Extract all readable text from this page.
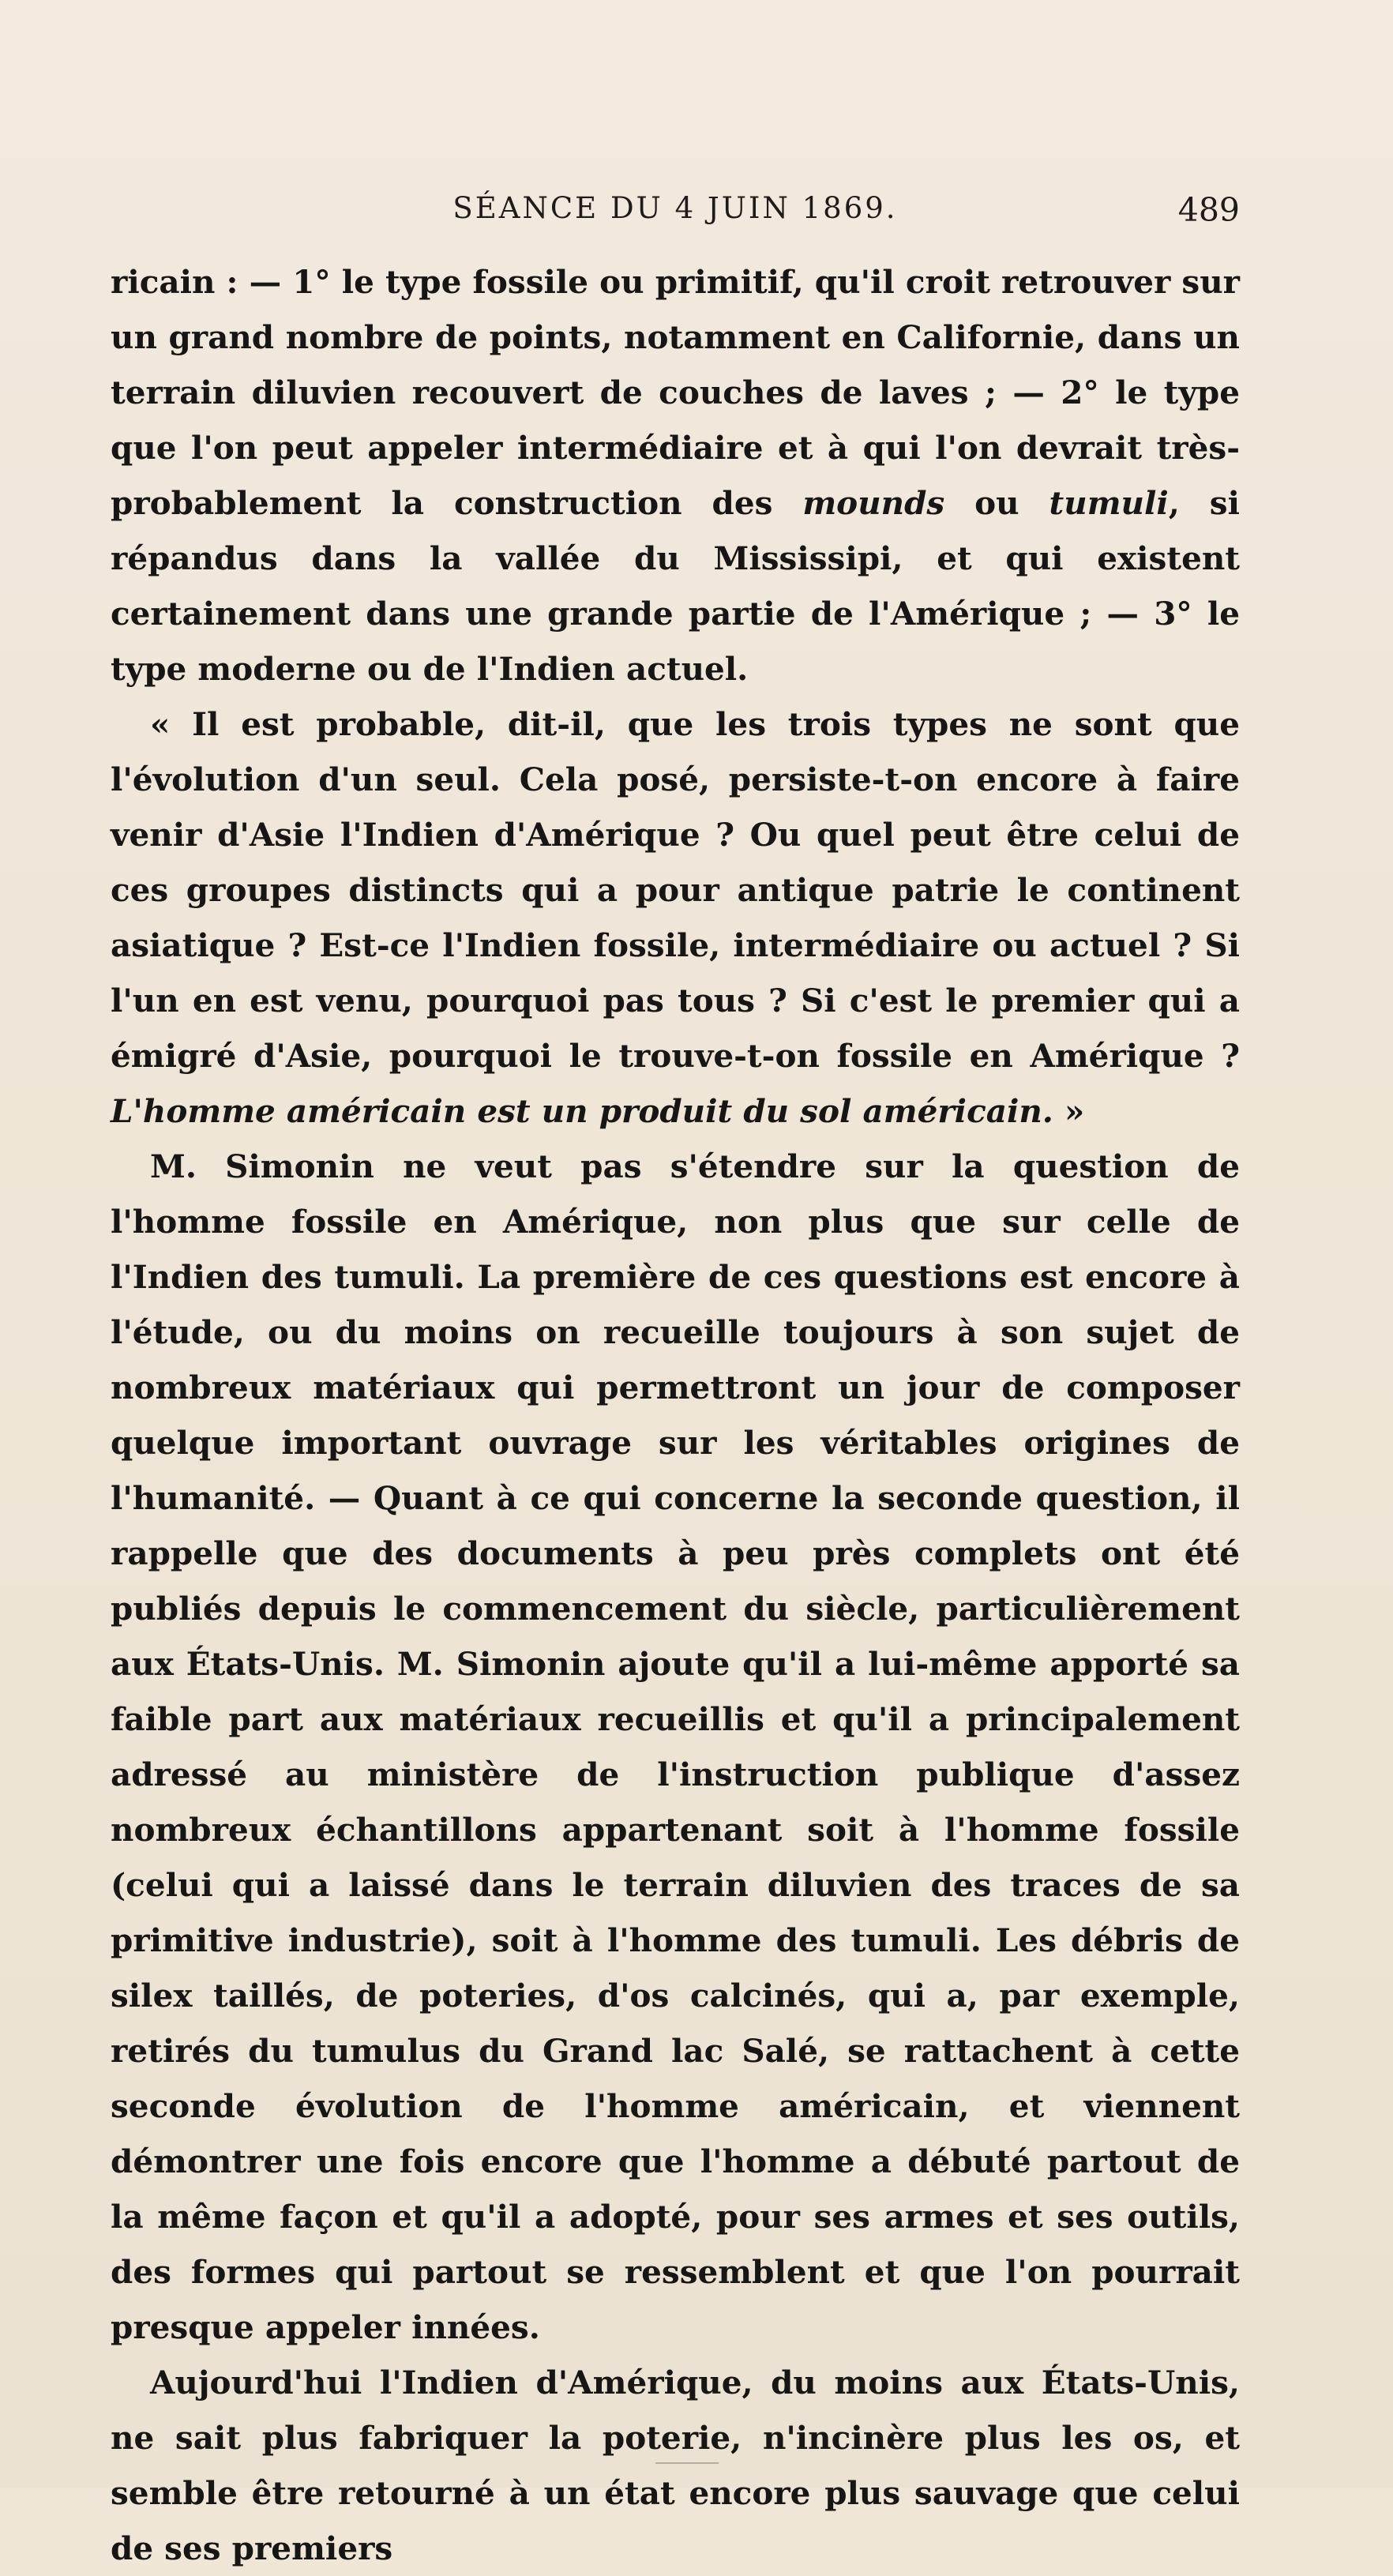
SÉANCE DU 4 JUIN 1869.	489

ricain : — 1° le type fossile ou primitif, qu'il croit retrouver sur un grand nombre de points, notamment en Californie, dans un terrain diluvien recouvert de couches de laves ; — 2° le type que l'on peut appeler intermédiaire et à qui l'on devrait très-probablement la construction des mounds ou tumuli, si répandus dans la vallée du Mississipi, et qui existent certainement dans une grande partie de l'Amérique ; — 3° le type moderne ou de l'Indien actuel.

« Il est probable, dit-il, que les trois types ne sont que l'évolution d'un seul. Cela posé, persiste-t-on encore à faire venir d'Asie l'Indien d'Amérique ? Ou quel peut être celui de ces groupes distincts qui a pour antique patrie le continent asiatique ? Est-ce l'Indien fossile, intermédiaire ou actuel ? Si l'un en est venu, pourquoi pas tous ? Si c'est le premier qui a émigré d'Asie, pourquoi le trouve-t-on fossile en Amérique ? L'homme américain est un produit du sol américain. »

M. Simonin ne veut pas s'étendre sur la question de l'homme fossile en Amérique, non plus que sur celle de l'Indien des tumuli. La première de ces questions est encore à l'étude, ou du moins on recueille toujours à son sujet de nombreux matériaux qui permettront un jour de composer quelque important ouvrage sur les véritables origines de l'humanité. — Quant à ce qui concerne la seconde question, il rappelle que des documents à peu près complets ont été publiés depuis le commencement du siècle, particulièrement aux États-Unis. M. Simonin ajoute qu'il a lui-même apporté sa faible part aux matériaux recueillis et qu'il a principalement adressé au ministère de l'instruction publique d'assez nombreux échantillons appartenant soit à l'homme fossile (celui qui a laissé dans le terrain diluvien des traces de sa primitive industrie), soit à l'homme des tumuli. Les débris de silex taillés, de poteries, d'os calcinés, qui a, par exemple, retirés du tumulus du Grand lac Salé, se rattachent à cette seconde évolution de l'homme américain, et viennent démontrer une fois encore que l'homme a débuté partout de la même façon et qu'il a adopté, pour ses armes et ses outils, des formes qui partout se ressemblent et que l'on pourrait presque appeler innées.

Aujourd'hui l'Indien d'Amérique, du moins aux États-Unis, ne sait plus fabriquer la poterie, n'incinère plus les os, et semble être retourné à un état encore plus sauvage que celui de ses premiers
